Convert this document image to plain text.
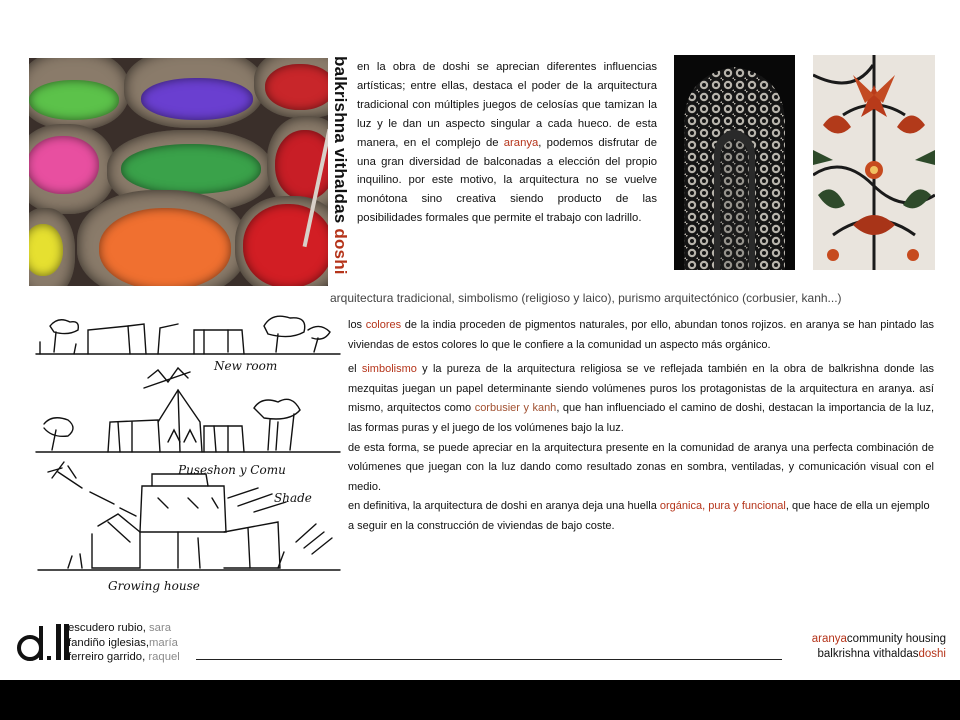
balkrishna vithaldas doshi
en la obra de doshi se aprecian diferentes influencias artísticas; entre ellas, destaca el poder de la arquitectura tradicional con múltiples juegos de celosías que tamizan la luz y le dan un aspecto singular a cada hueco. de esta manera, en el complejo de aranya, podemos disfrutar de una gran diversidad de balconadas a elección del propio inquilino. por este motivo, la arquitectura no se vuelve monótona sino creativa siendo producto de las posibilidades formales que permite el trabajo con ladrillo.
arquitectura tradicional, simbolismo (religioso y laico), purismo arquitectónico (corbusier, kanh...)
New room
Puseshon y Comu
Shade
Growing house

los colores de la india proceden de pigmentos naturales, por ello, abundan tonos rojizos. en aranya se han pintado las viviendas de estos colores lo que le confiere a la comunidad un aspecto más orgánico.

el simbolismo y la pureza de la arquitectura religiosa se ve reflejada también en la obra de balkrishna donde las mezquitas juegan un papel determinante siendo volúmenes puros los protagonistas de la arquitectura en aranya. así mismo, arquitectos como corbusier y kanh, que han influenciado el camino de doshi, destacan la importancia de la luz, las formas puras y el juego de los volúmenes bajo la luz.

de esta forma, se puede apreciar en la arquitectura presente en la comunidad de aranya una perfecta combinación de volúmenes que juegan con la luz dando como resultado zonas en sombra, ventiladas, y comunicación visual con el medio.

en definitiva, la arquitectura de doshi en aranya deja una huella orgánica, pura y funcional, que hace de ella un ejemplo a seguir en la construcción de viviendas de bajo coste.

d.ll	escudero rubio, sara
fandiño iglesias,maría
ferreiro garrido, raquel
aranyacommunity housing
balkrishna vithaldasdoshi
